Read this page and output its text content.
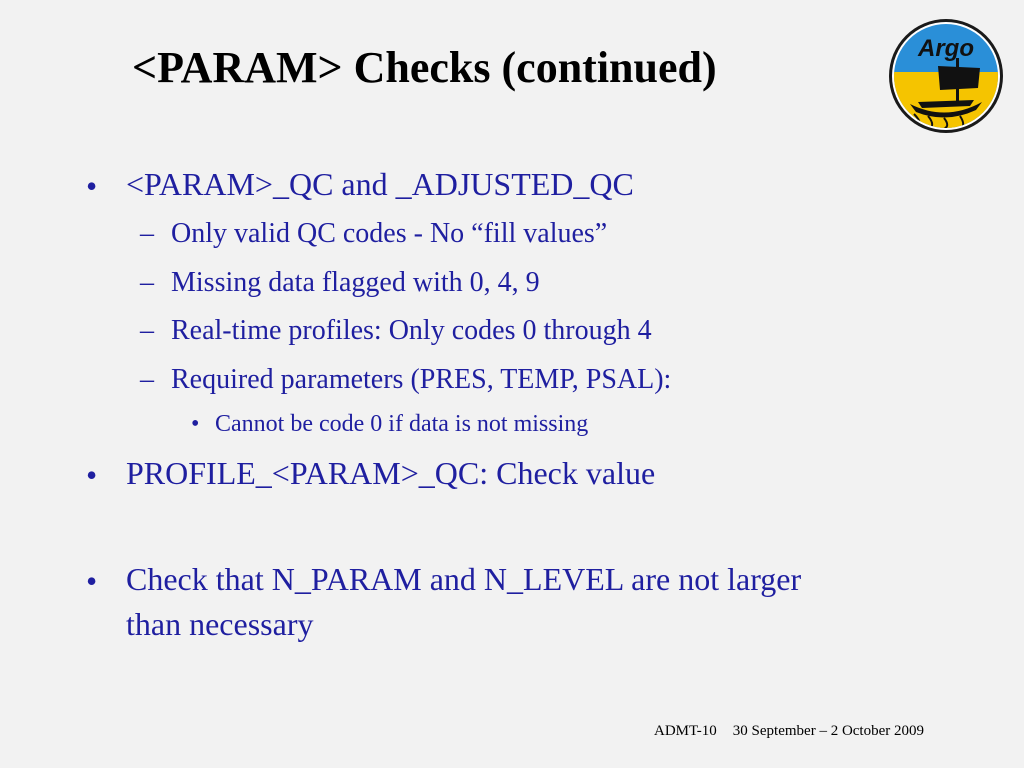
<PARAM> Checks (continued)	Argo
• <PARAM>_QC and _ADJUSTED_QC
– Only valid QC codes - No “fill values”
– Missing data flagged with 0, 4, 9
– Real-time profiles: Only codes 0 through 4
– Required parameters (PRES, TEMP, PSAL):
• Cannot be code 0 if data is not missing
• PROFILE_<PARAM>_QC: Check value
• Check that N_PARAM and N_LEVEL are not larger
than necessary
ADMT-10 30 September – 2 October 2009
